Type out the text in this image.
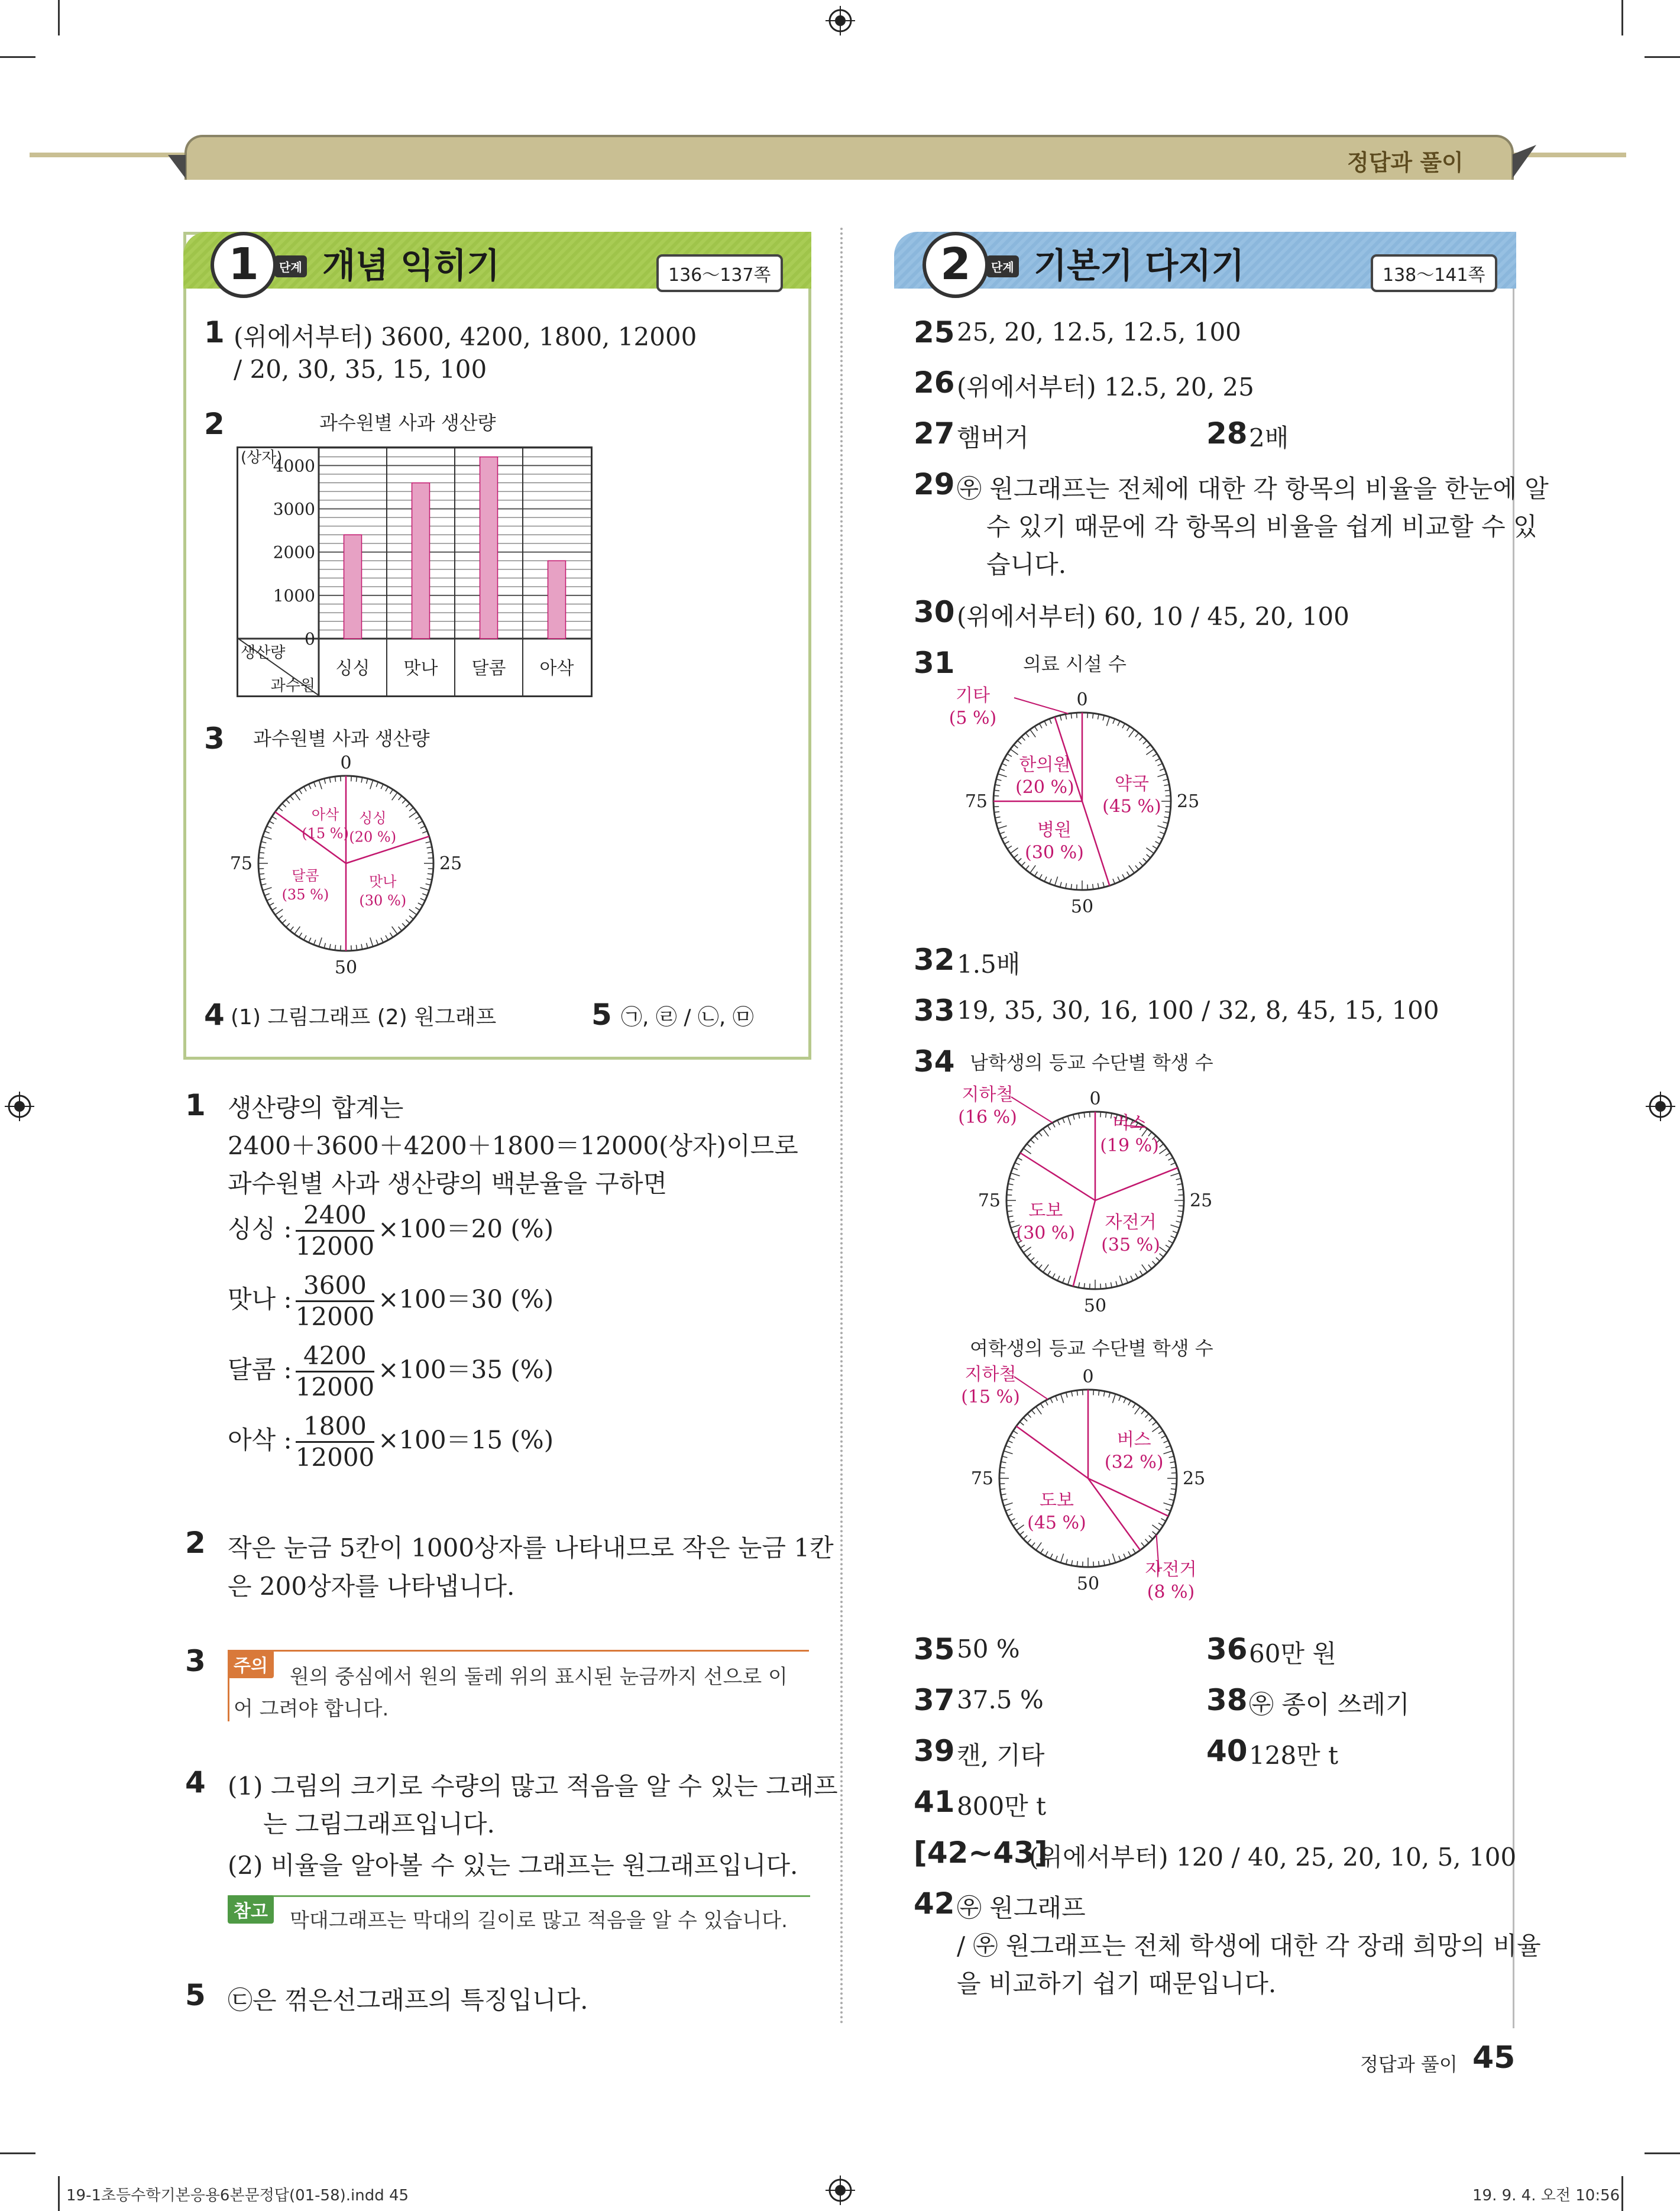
정답과 풀이
1	단계 개념 익히기	136～137쪽
1 (위에서부터) 3600, 4200, 1800, 12000
/ 20, 30, 35, 15, 100
2	과수원별 사과 생산량
싱싱 맛나 달콤 아삭
4000
3000
2000
1000
0
(상자)
생산량
과수원
3 과수원별 사과 생산량
0
25
50
75
싱싱
(20 %)
맛나
(30 %)
달콤
(35 %)
아삭
(15 %)
4 (1) 그림그래프 (2) 원그래프	5 ㉠, ㉣ / ㉡, ㉤
1 생산량의 합계는
2400＋3600＋4200＋1800＝12000(상자)이므로
과수원별 사과 생산량의 백분율을 구하면
싱싱 : $\frac{2400}{12000} \times 100=20$ (%)
맛나 : $\frac{3600}{12000} \times 100=30$ (%)
달콤 : $\frac{4200}{12000} \times 100=35$ (%)
아삭 : $\frac{1800}{12000} \times 100=15$ (%)
2 작은 눈금 5칸이 1000상자를 나타내므로 작은 눈금 1칸
은 200상자를 나타냅니다.
3	주의 원의 중심에서 원의 둘레 위의 표시된 눈금까지 선으로 이
어 그려야 합니다.
4 (1) 그림의 크기로 수량의 많고 적음을 알 수 있는 그래프
는 그림그래프입니다.
(2) 비율을 알아볼 수 있는 그래프는 원그래프입니다.
참고 막대그래프는 막대의 길이로 많고 적음을 알 수 있습니다.
5 ㉢은 꺾은선그래프의 특징입니다.
2	단계 기본기 다지기	138～141쪽
25 25, 20, 12.5, 12.5, 100
26 (위에서부터) 12.5, 20, 25
27 햄버거	28 2배
29 ㉾ 원그래프는 전체에 대한 각 항목의 비율을 한눈에 알
수 있기 때문에 각 항목의 비율을 쉽게 비교할 수 있
습니다.
30 (위에서부터) 60, 10 / 45, 20, 100
31	의료 시설 수
0
25
50
75
약국
(45 %)
병원
(30 %)
한의원
(20 %)
기타
(5 %)
32 1.5배
33 19, 35, 30, 16, 100 / 32, 8, 45, 15, 100
34 남학생의 등교 수단별 학생 수
0
25
50
75
버스
(19 %)
자전거
(35 %)
도보
(30 %)
지하철
(16 %)
여학생의 등교 수단별 학생 수
0
25
50
75
버스
(32 %)
자전거
(8 %)
도보
(45 %)
지하철
(15 %)
35 50 %	36 60만 원
37 37.5 %	38 ㉾ 종이 쓰레기
39 캔, 기타	40 128만 t
41 800만 t
[42~43]
(위에서부터) 120 / 40, 25, 20, 10, 5, 100
42 ㉾ 원그래프
/ ㉾ 원그래프는 전체 학생에 대한 각 장래 희망의 비율
을 비교하기 쉽기 때문입니다.
정답과 풀이 45
19-1초등수학기본응용6본문정답(01-58).indd 45	19. 9. 4. 오전 10:56
